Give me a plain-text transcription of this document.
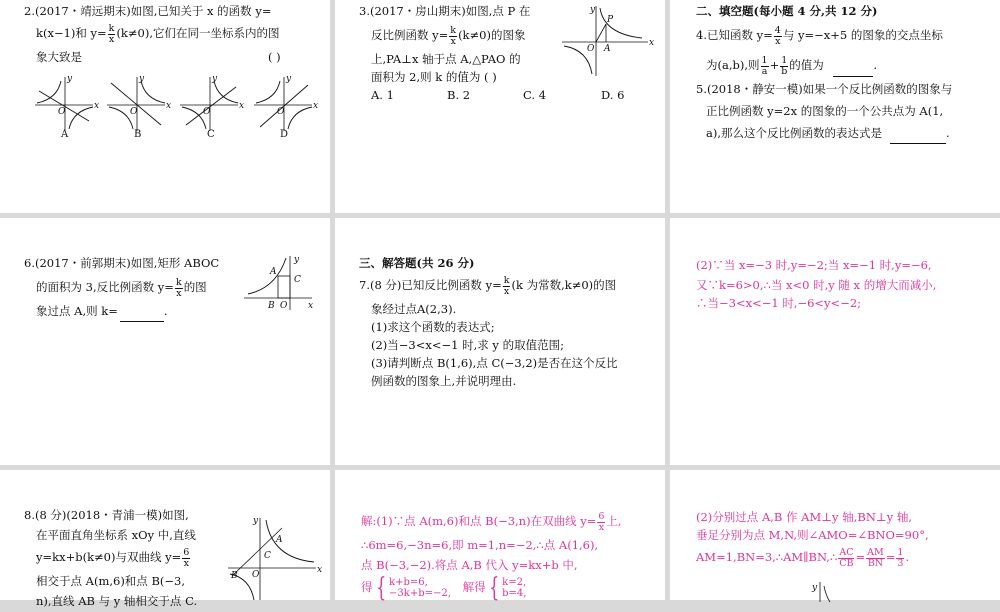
2.(2017・靖远期末)如图,已知关于 x 的函数 y=
k(x−1)和 $y= \frac{k}{x} (k\ne 0)$,它们在同一坐标系内的图
象大致是	( )
O
x
y
O
x
y
O
x
y
O
x
y
A	B	C	D
3.(2017・房山期末)如图,点 P 在
反比例函数 $y= \frac{k}{x} (k\ne 0)$的图象
上,PA⊥x 轴于点 A,△PAO 的
面积为 2,则 k 的值为 ( )
A. 1	B. 2	C. 4	D. 6
P
A
O
x
y	二、填空题(每小题 4 分,共 12 分)
4.已知函数 $y= \frac{4}{x}$ 与 y=−x+5 的图象的交点坐标
为(a,b),则 $\frac{1}{a} + \frac{1}{b}$ 的值为	.
5.(2018・静安一模)如果一个反比例函数的图象与
正比例函数 y=2x 的图象的一个公共点为 A(1,
a),那么这个反比例函数的表达式是	.
6.(2017・前郭期末)如图,矩形 ABOC
的面积为 3,反比例函数 $y= \frac{k}{x}$ 的图
象过点 A,则 k=	.
A
C
B O x
y	三、解答题(共 26 分)
7.(8 分)已知反比例函数 $y= \frac{k}{x} (k$ 为常数,k≠0)的图
象经过点A(2,3).
(1)求这个函数的表达式;
(2)当−3<x<−1 时,求 y 的取值范围;
(3)请判断点 B(1,6),点 C(−3,2)是否在这个反比
例函数的图象上,并说明理由.
(2)∵当 x=−3 时,y=−2;当 x=−1 时,y=−6,
又∵k=6>0,∴当 x<0 时,y 随 x 的增大而减小,
∴当−3<x<−1 时,−6<y<−2;
8.(8 分)(2018・青浦一模)如图,
在平面直角坐标系 xOy 中,直线
y=kx+b(k≠0)与双曲线 $y= \frac{6}{x}$
相交于点 A(m,6)和点 B(−3,
n),直线 AB 与 y 轴相交于点 C.
A
B
C
O	x
y	解:(1)∵点 A(m,6)和点 B(−3,n)在双曲线 $y= \frac{6}{x}$ 上,
∴6m=6,−3n=6,即 m=1,n=−2,∴点 A(1,6),
点 B(−3,−2).将点 A,B 代入 y=kx+b 中,
得 { k+b=6,
−3k+b=−2, 解得 { k=2,
b=4,
(2)分别过点 A,B 作 AM⊥y 轴,BN⊥y 轴,
垂足分别为点 M,N,则∠AMO=∠BNO=90°,
AM=1,BN=3,∴AM∥BN,∴ $\frac{AC}{CB} = \frac{AM}{BN} = \frac{1}{3}$ .
y
